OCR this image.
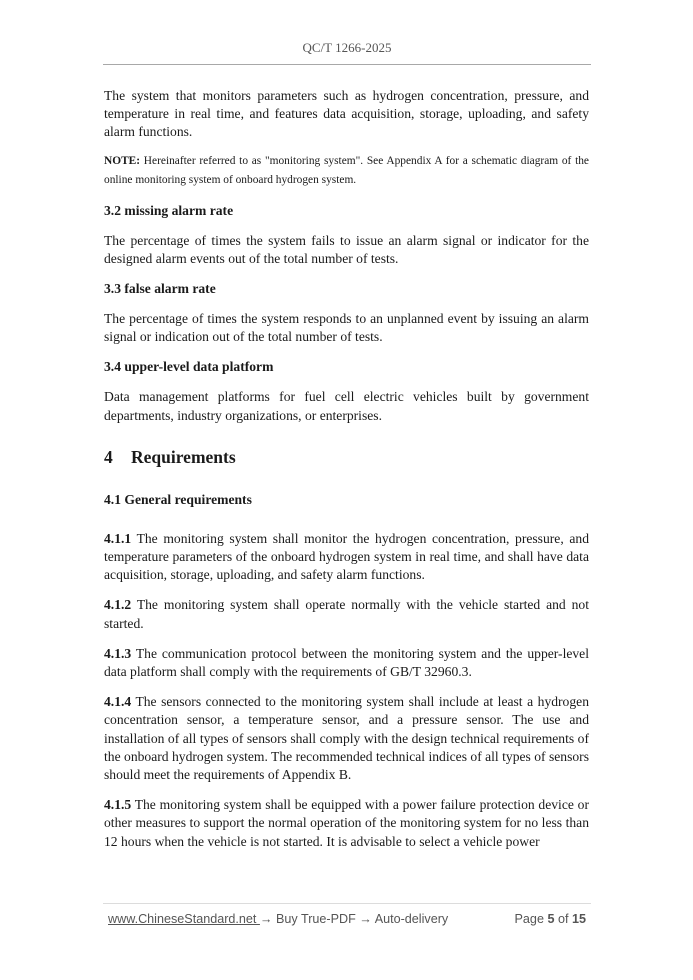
QC/T 1266-2025

The system that monitors parameters such as hydrogen concentration, pressure, and temperature in real time, and features data acquisition, storage, uploading, and safety alarm functions.

NOTE: Hereinafter referred to as "monitoring system". See Appendix A for a schematic diagram of the online monitoring system of onboard hydrogen system.
3.2 missing alarm rate

The percentage of times the system fails to issue an alarm signal or indicator for the designed alarm events out of the total number of tests.

3.3 false alarm rate

The percentage of times the system responds to an unplanned event by issuing an alarm signal or indication out of the total number of tests.

3.4 upper-level data platform

Data management platforms for fuel cell electric vehicles built by government departments, industry organizations, or enterprises.

4 Requirements
4.1 General requirements

4.1.1 The monitoring system shall monitor the hydrogen concentration, pressure, and temperature parameters of the onboard hydrogen system in real time, and shall have data acquisition, storage, uploading, and safety alarm functions.

4.1.2 The monitoring system shall operate normally with the vehicle started and not started.

4.1.3 The communication protocol between the monitoring system and the upper-level data platform shall comply with the requirements of GB/T 32960.3.

4.1.4 The sensors connected to the monitoring system shall include at least a hydrogen concentration sensor, a temperature sensor, and a pressure sensor. The use and installation of all types of sensors shall comply with the design technical requirements of the onboard hydrogen system. The recommended technical indices of all types of sensors should meet the requirements of Appendix B.

4.1.5 The monitoring system shall be equipped with a power failure protection device or other measures to support the normal operation of the monitoring system for no less than 12 hours when the vehicle is not started. It is advisable to select a vehicle power

www.ChineseStandard.net → Buy True-PDF → Auto-delivery	Page 5 of 15
